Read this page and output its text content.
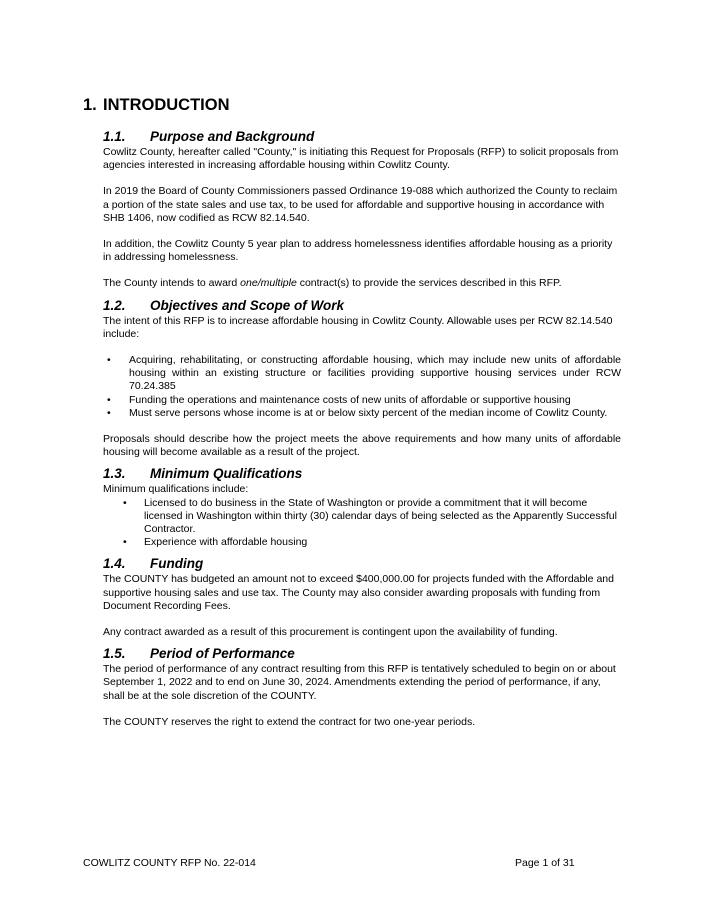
1. INTRODUCTION
1.1. Purpose and Background

Cowlitz County, hereafter called "County," is initiating this Request for Proposals (RFP) to solicit proposals from agencies interested in increasing affordable housing within Cowlitz County.

In 2019 the Board of County Commissioners passed Ordinance 19-088 which authorized the County to reclaim a portion of the state sales and use tax, to be used for affordable and supportive housing in accordance with SHB 1406, now codified as RCW 82.14.540.

In addition, the Cowlitz County 5 year plan to address homelessness identifies affordable housing as a priority in addressing homelessness.

The County intends to award one/multiple contract(s) to provide the services described in this RFP.

1.2. Objectives and Scope of Work

The intent of this RFP is to increase affordable housing in Cowlitz County. Allowable uses per RCW 82.14.540 include:

• Acquiring, rehabilitating, or constructing affordable housing, which may include new units of affordable housing within an existing structure or facilities providing supportive housing services under RCW 70.24.385
• Funding the operations and maintenance costs of new units of affordable or supportive housing
• Must serve persons whose income is at or below sixty percent of the median income of Cowlitz County.

Proposals should describe how the project meets the above requirements and how many units of affordable housing will become available as a result of the project.

1.3. Minimum Qualifications

Minimum qualifications include:

• Licensed to do business in the State of Washington or provide a commitment that it will become licensed in Washington within thirty (30) calendar days of being selected as the Apparently Successful Contractor.
• Experience with affordable housing
1.4. Funding

The COUNTY has budgeted an amount not to exceed $400,000.00 for projects funded with the Affordable and supportive housing sales and use tax. The County may also consider awarding proposals with funding from Document Recording Fees.

Any contract awarded as a result of this procurement is contingent upon the availability of funding.

1.5. Period of Performance

The period of performance of any contract resulting from this RFP is tentatively scheduled to begin on or about September 1, 2022 and to end on June 30, 2024. Amendments extending the period of performance, if any, shall be at the sole discretion of the COUNTY.

The COUNTY reserves the right to extend the contract for two one-year periods.

COWLITZ COUNTY RFP No. 22-014	Page 1 of 31
